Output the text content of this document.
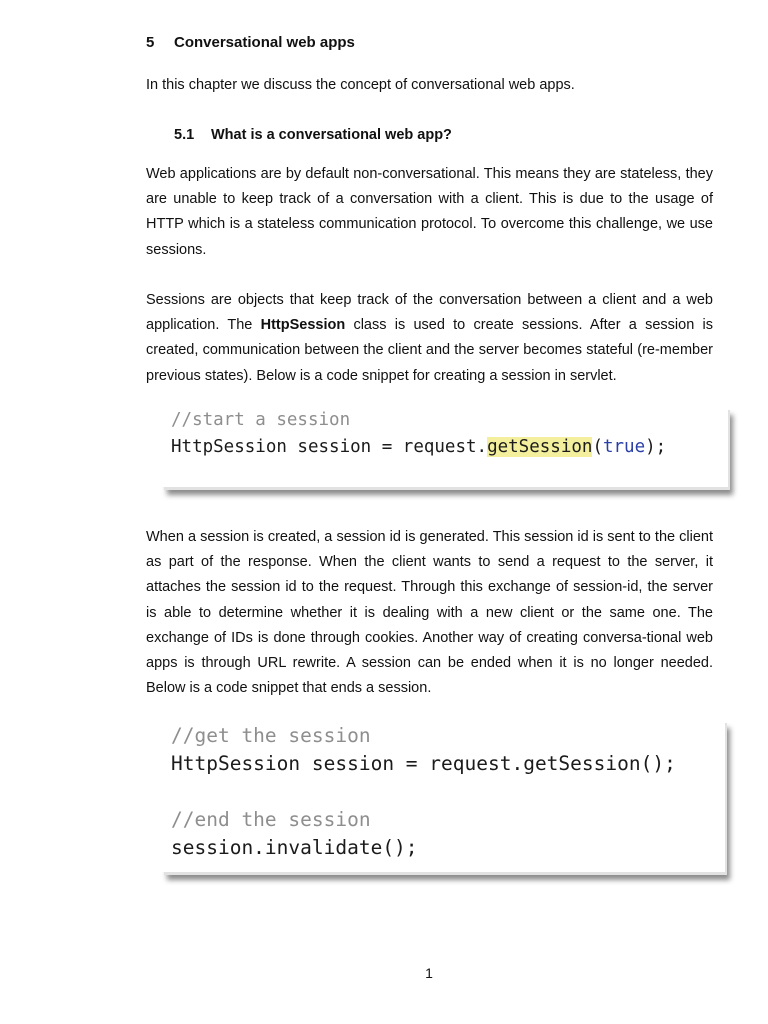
5 Conversational web apps

In this chapter we discuss the concept of conversational web apps.

5.1 What is a conversational web app?

Web applications are by default non-conversational. This means they are stateless, they are unable to keep track of a conversation with a client. This is due to the usage of HTTP which is a stateless communication protocol. To overcome this challenge, we use sessions.

Sessions are objects that keep track of the conversation between a client and a web application. The HttpSession class is used to create sessions. After a session is created, communication between the client and the server becomes stateful (re-member previous states). Below is a code snippet for creating a session in servlet.

//start a session
HttpSession session = request.getSession(true);

When a session is created, a session id is generated. This session id is sent to the client as part of the response. When the client wants to send a request to the server, it attaches the session id to the request. Through this exchange of session-id, the server is able to determine whether it is dealing with a new client or the same one. The exchange of IDs is done through cookies. Another way of creating conversa-tional web apps is through URL rewrite. A session can be ended when it is no longer needed. Below is a code snippet that ends a session.

//get the session
HttpSession session = request.getSession();
//end the session
session.invalidate();
1
